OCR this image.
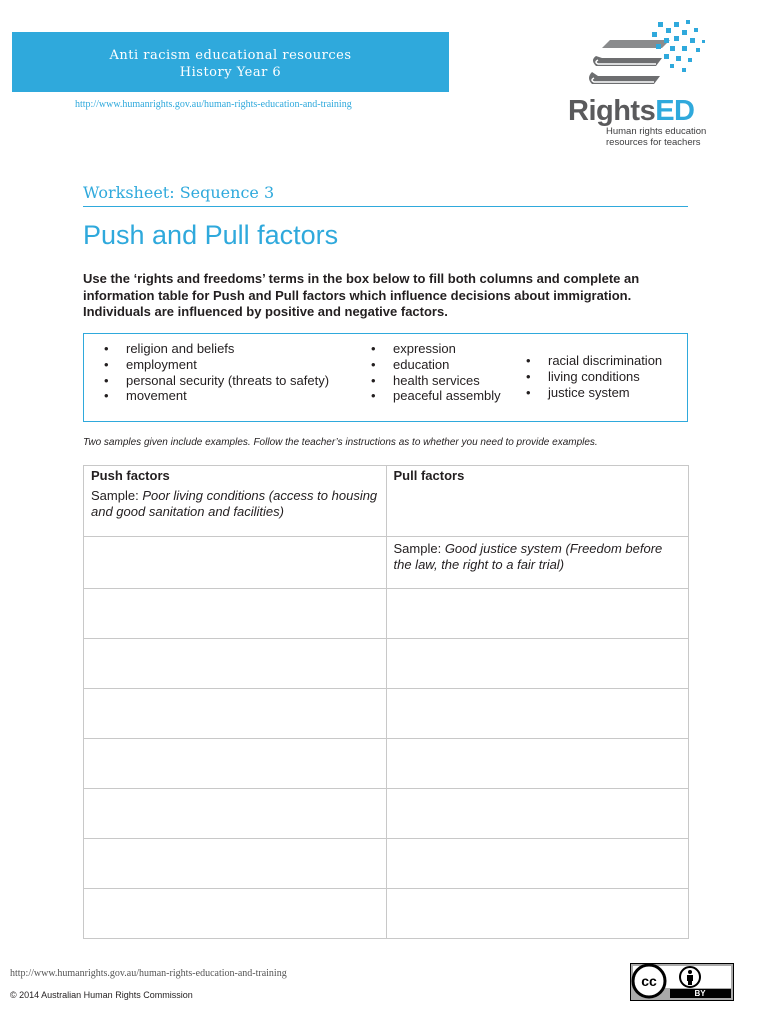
Anti racism educational resources
History Year 6
http://www.humanrights.gov.au/human-rights-education-and-training	RightsED
Human rights education
resources for teachers
Worksheet: Sequence 3
Push and Pull factors
Use the ‘rights and freedoms’ terms in the box below to fill both columns and complete an information table for Push and Pull factors which influence decisions about immigration. Individuals are influenced by positive and negative factors.
• religion and beliefs
• employment
• personal security (threats to safety)
• movement
• expression
• education
• health services
• peaceful assembly
• racial discrimination
• living conditions
• justice system
Two samples given include examples. Follow the teacher’s instructions as to whether you need to provide examples.
Push factors	Pull factors
Sample: Poor living conditions (access to housing and good sanitation and facilities)	
	Sample: Good justice system (Freedom before the law, the right to a fair trial)

http://www.humanrights.gov.au/human-rights-education-and-training
© 2014 Australian Human Rights Commission
cc
BY
